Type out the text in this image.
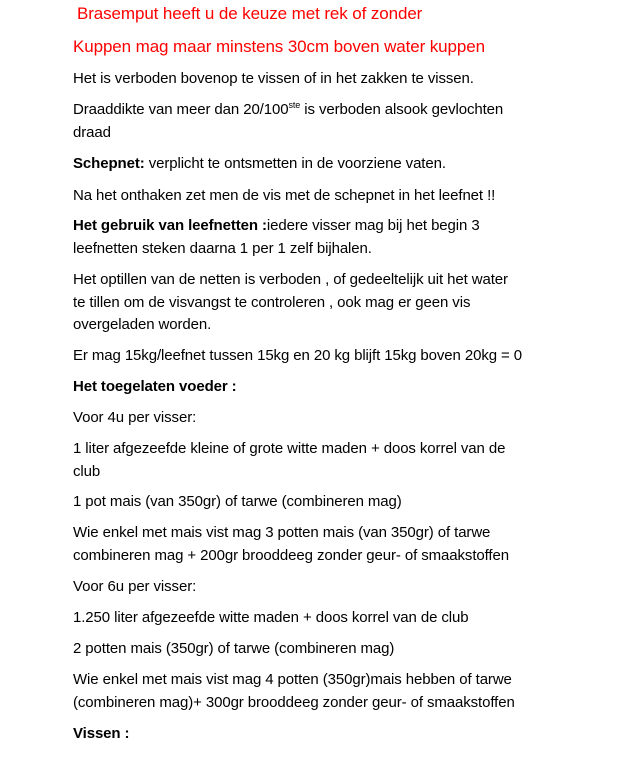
Brasemput heeft u de keuze met rek of zonder
Kuppen mag maar minstens 30cm boven water kuppen
Het is verboden bovenop te vissen of in het zakken te vissen.
Draaddikte van meer dan 20/100ste is verboden alsook gevlochten
draad
Schepnet: verplicht te ontsmetten in de voorziene vaten.
Na het onthaken zet men de vis met de schepnet in het leefnet !!
Het gebruik van leefnetten :iedere visser mag bij het begin 3
leefnetten steken daarna 1 per 1 zelf bijhalen.
Het optillen van de netten is verboden , of gedeeltelijk uit het water
te tillen om de visvangst te controleren , ook mag er geen vis
overgeladen worden.
Er mag 15kg/leefnet tussen 15kg en 20 kg blijft 15kg boven 20kg = 0
Het toegelaten voeder :
Voor 4u per visser:
1 liter afgezeefde kleine of grote witte maden + doos korrel van de
club
1 pot mais (van 350gr) of tarwe (combineren mag)
Wie enkel met mais vist mag 3 potten mais (van 350gr) of tarwe
combineren mag + 200gr brooddeeg zonder geur- of smaakstoffen
Voor 6u per visser:
1.250 liter afgezeefde witte maden + doos korrel van de club
2 potten mais (350gr) of tarwe (combineren mag)
Wie enkel met mais vist mag 4 potten (350gr)mais hebben of tarwe
(combineren mag)+ 300gr brooddeeg zonder geur- of smaakstoffen
Vissen :
